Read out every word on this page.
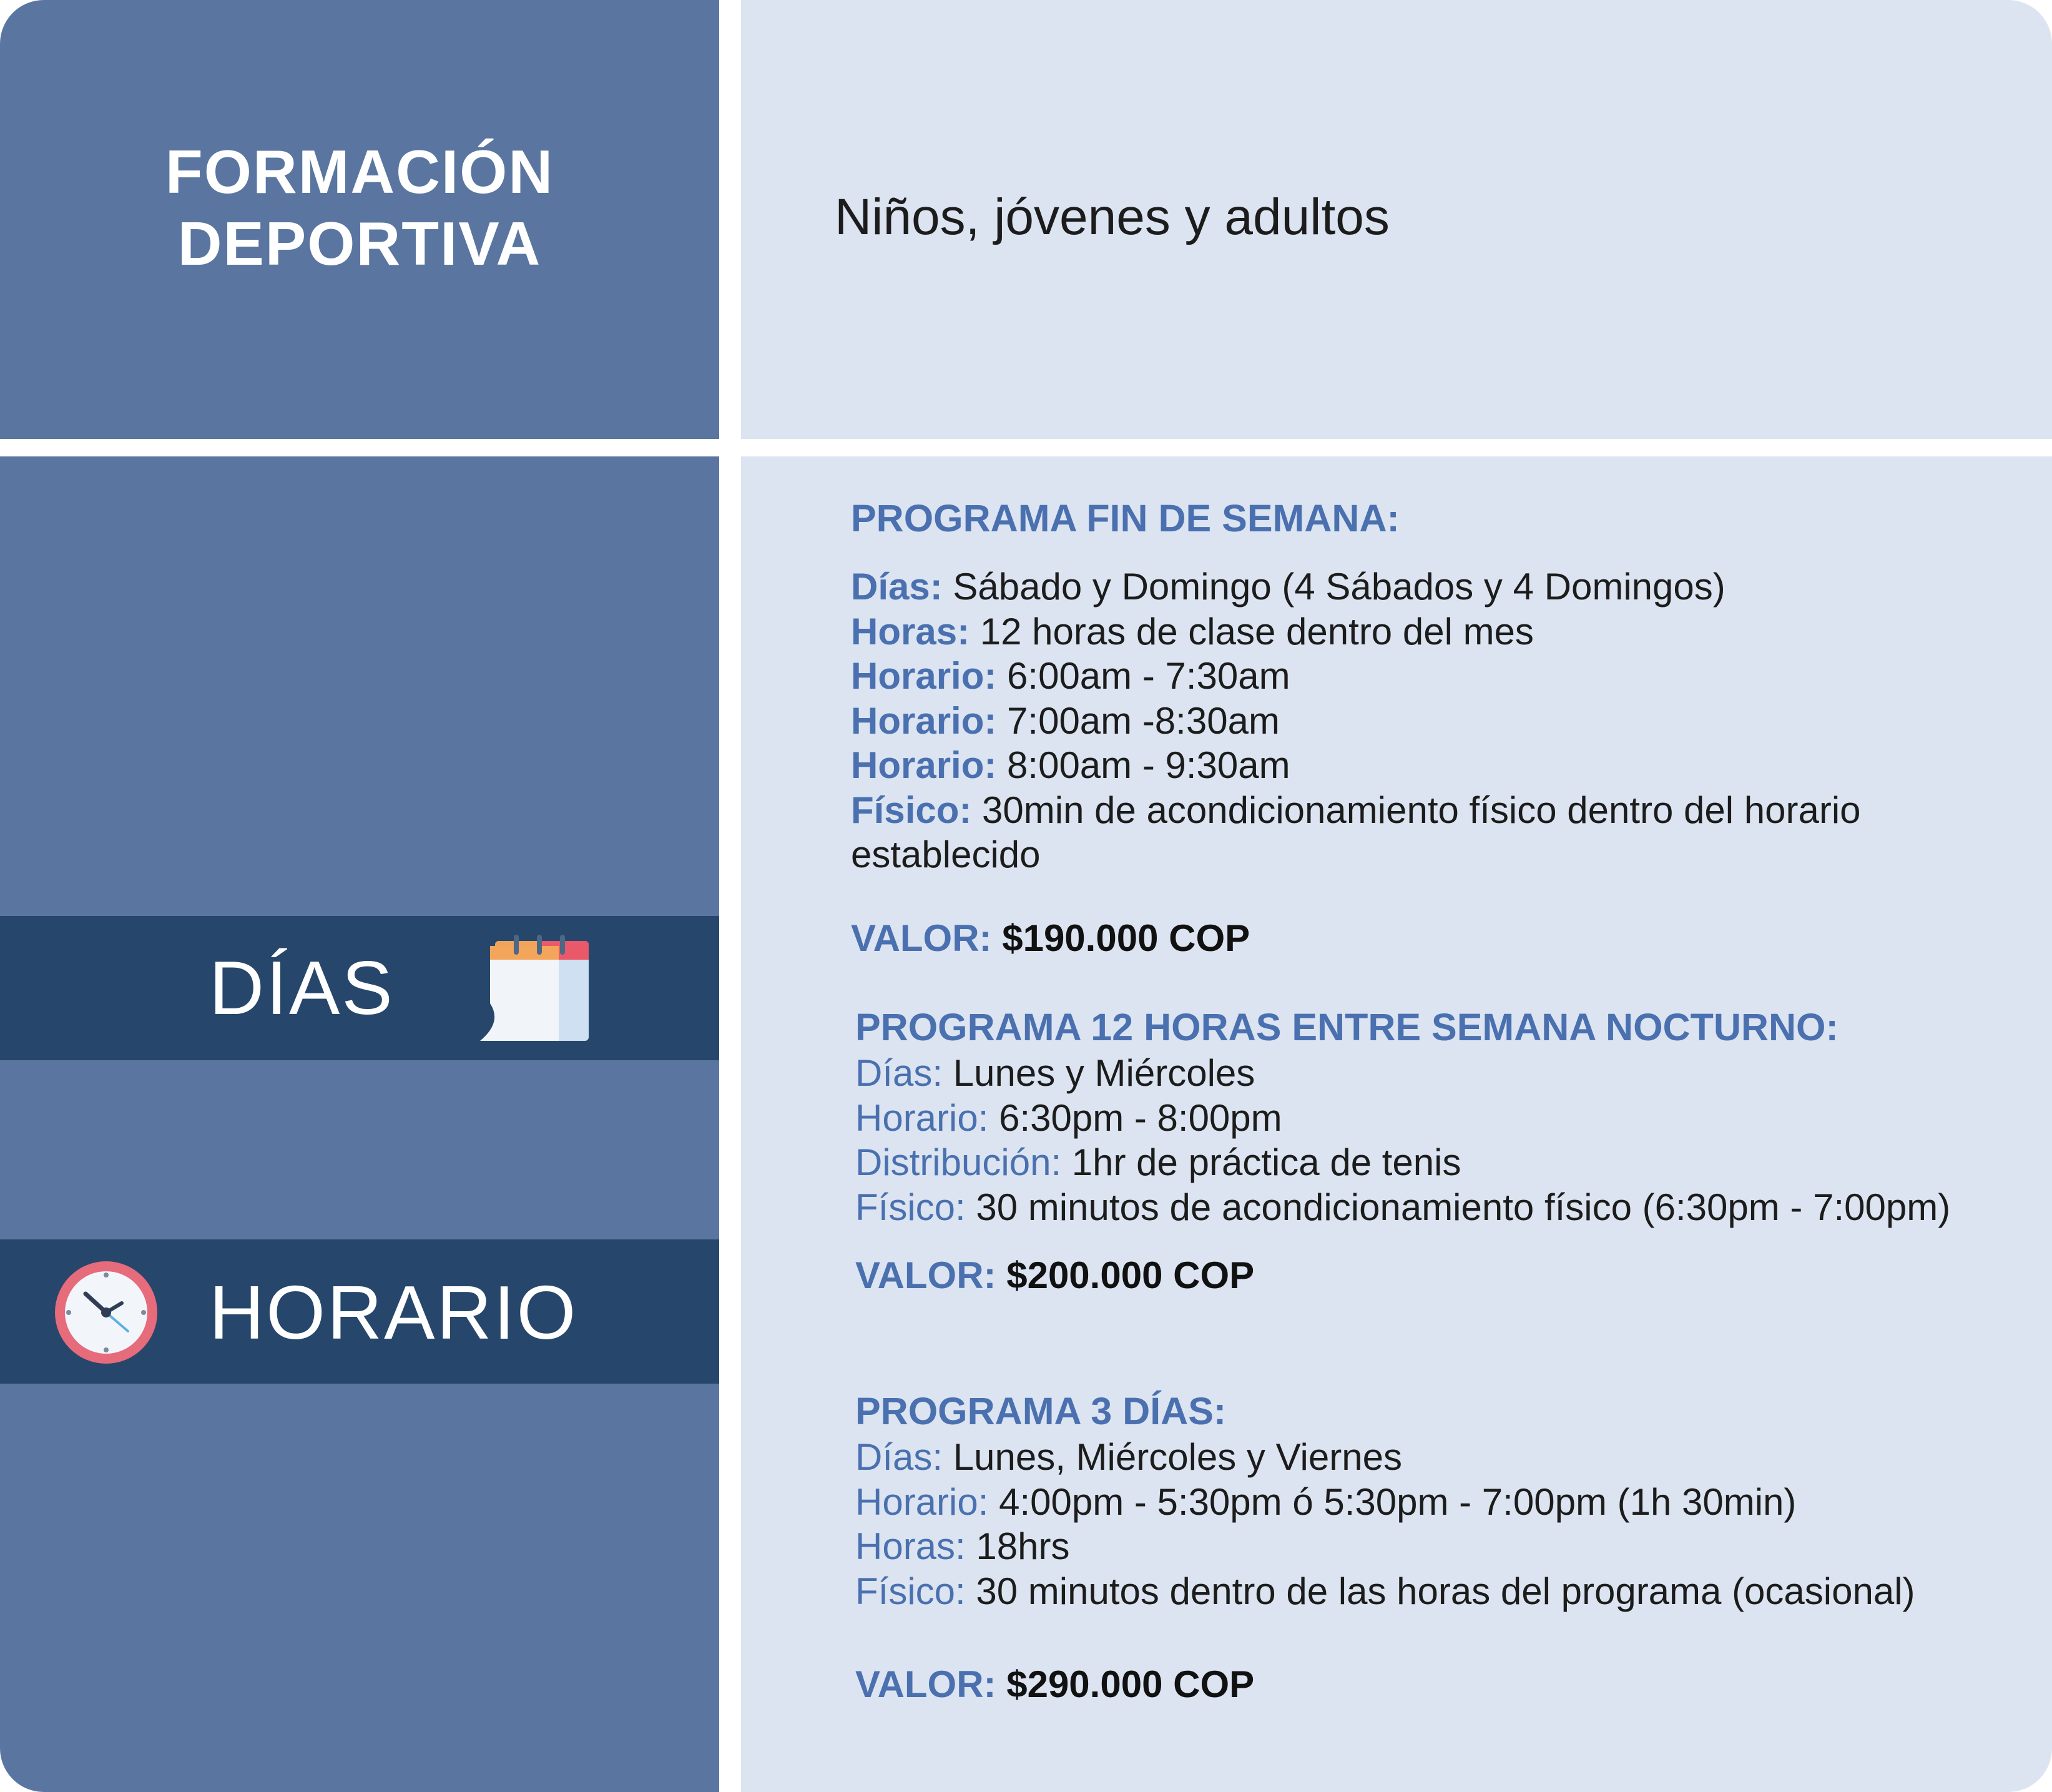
FORMACIÓN
DEPORTIVA	Niños, jóvenes y adultos
DÍAS
HORARIO
PROGRAMA FIN DE SEMANA:
Días: Sábado y Domingo (4 Sábados y 4 Domingos)
Horas: 12 horas de clase dentro del mes
Horario: 6:00am - 7:30am
Horario: 7:00am -8:30am
Horario: 8:00am - 9:30am
Físico: 30min de acondicionamiento físico dentro del horario establecido
VALOR: $190.000 COP
PROGRAMA 12 HORAS ENTRE SEMANA NOCTURNO:
Días: Lunes y Miércoles
Horario: 6:30pm - 8:00pm
Distribución: 1hr de práctica de tenis
Físico: 30 minutos de acondicionamiento físico (6:30pm - 7:00pm)
VALOR: $200.000 COP
PROGRAMA 3 DÍAS:
Días: Lunes, Miércoles y Viernes
Horario: 4:00pm - 5:30pm ó 5:30pm - 7:00pm (1h 30min)
Horas: 18hrs
Físico: 30 minutos dentro de las horas del programa (ocasional)
VALOR: $290.000 COP
